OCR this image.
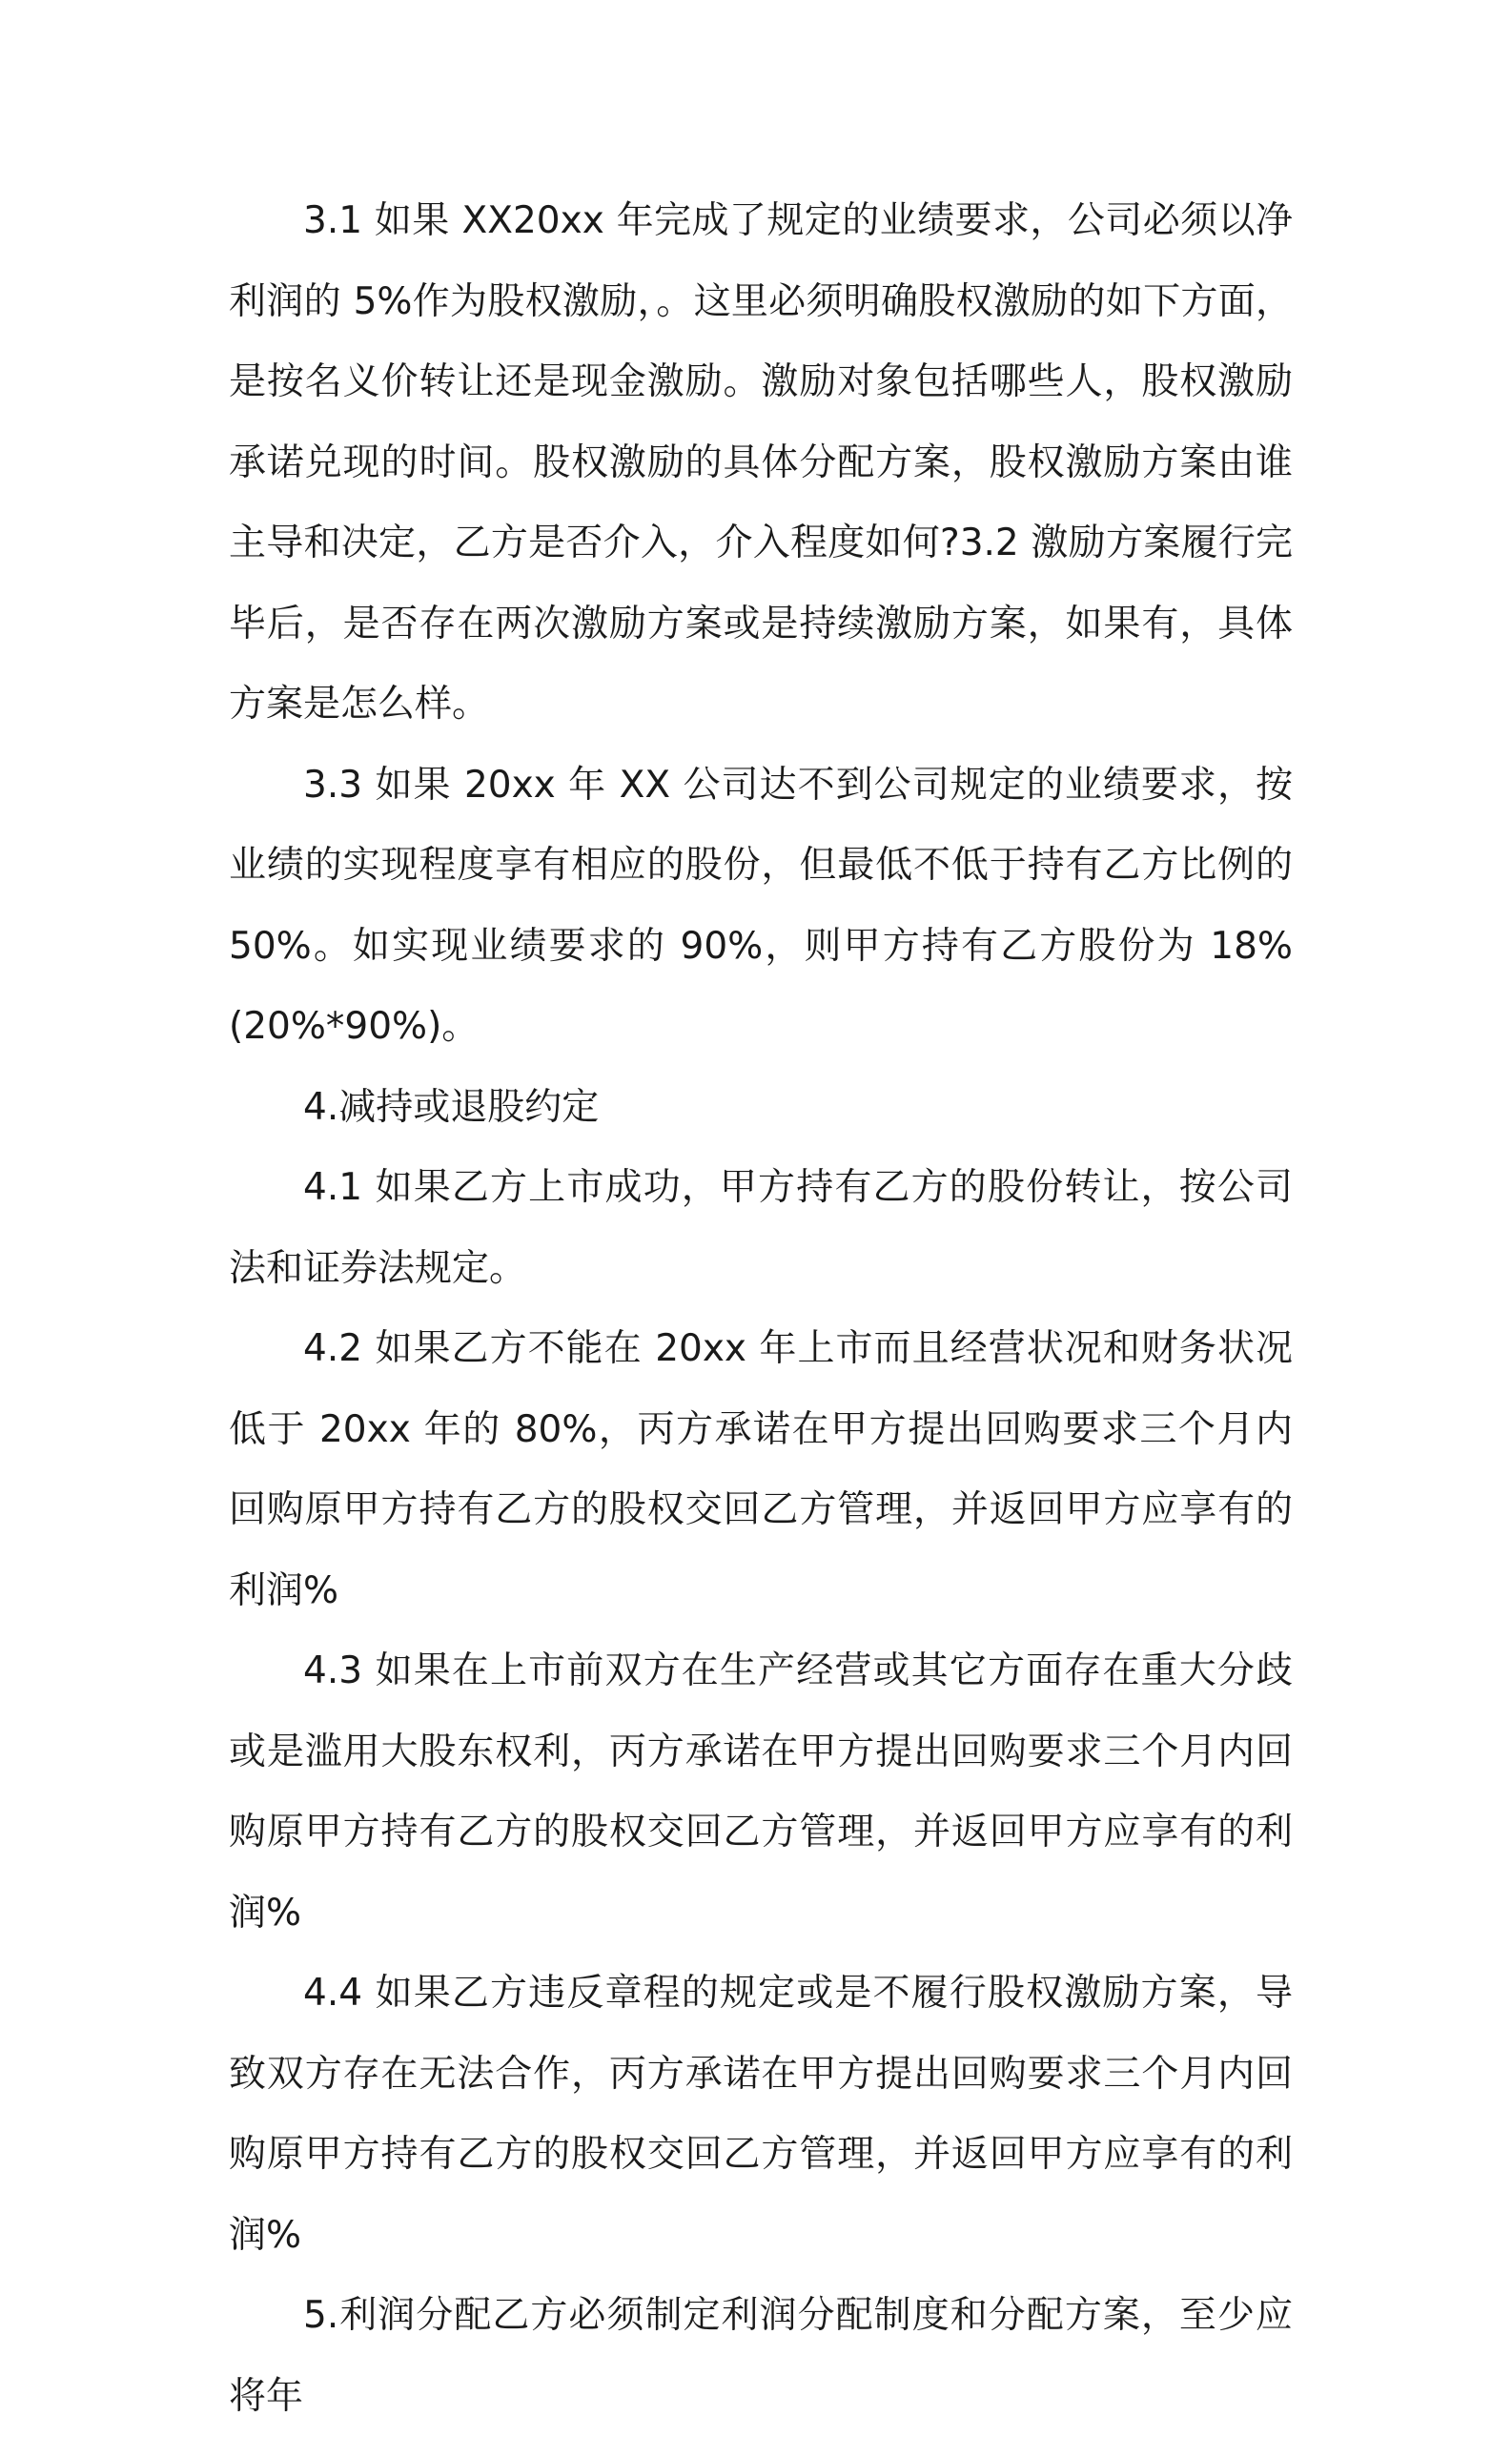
3.1 如果 XX20xx 年完成了规定的业绩要求，公司必须以净利润的 5%作为股权激励，。这里必须明确股权激励的如下方面，是按名义价转让还是现金激励。激励对象包括哪些人，股权激励承诺兑现的时间。股权激励的具体分配方案，股权激励方案由谁主导和决定，乙方是否介入，介入程度如何?3.2 激励方案履行完毕后，是否存在两次激励方案或是持续激励方案，如果有，具体方案是怎么样。

3.3 如果 20xx 年 XX 公司达不到公司规定的业绩要求，按业绩的实现程度享有相应的股份，但最低不低于持有乙方比例的 50%。如实现业绩要求的 90%，则甲方持有乙方股份为 18%(20%*90%)。

4.减持或退股约定

4.1 如果乙方上市成功，甲方持有乙方的股份转让，按公司法和证券法规定。

4.2 如果乙方不能在 20xx 年上市而且经营状况和财务状况低于 20xx 年的 80%，丙方承诺在甲方提出回购要求三个月内回购原甲方持有乙方的股权交回乙方管理，并返回甲方应享有的利润%

4.3 如果在上市前双方在生产经营或其它方面存在重大分歧或是滥用大股东权利，丙方承诺在甲方提出回购要求三个月内回购原甲方持有乙方的股权交回乙方管理，并返回甲方应享有的利润%

4.4 如果乙方违反章程的规定或是不履行股权激励方案，导致双方存在无法合作，丙方承诺在甲方提出回购要求三个月内回购原甲方持有乙方的股权交回乙方管理，并返回甲方应享有的利润%

5.利润分配乙方必须制定利润分配制度和分配方案，至少应将年
